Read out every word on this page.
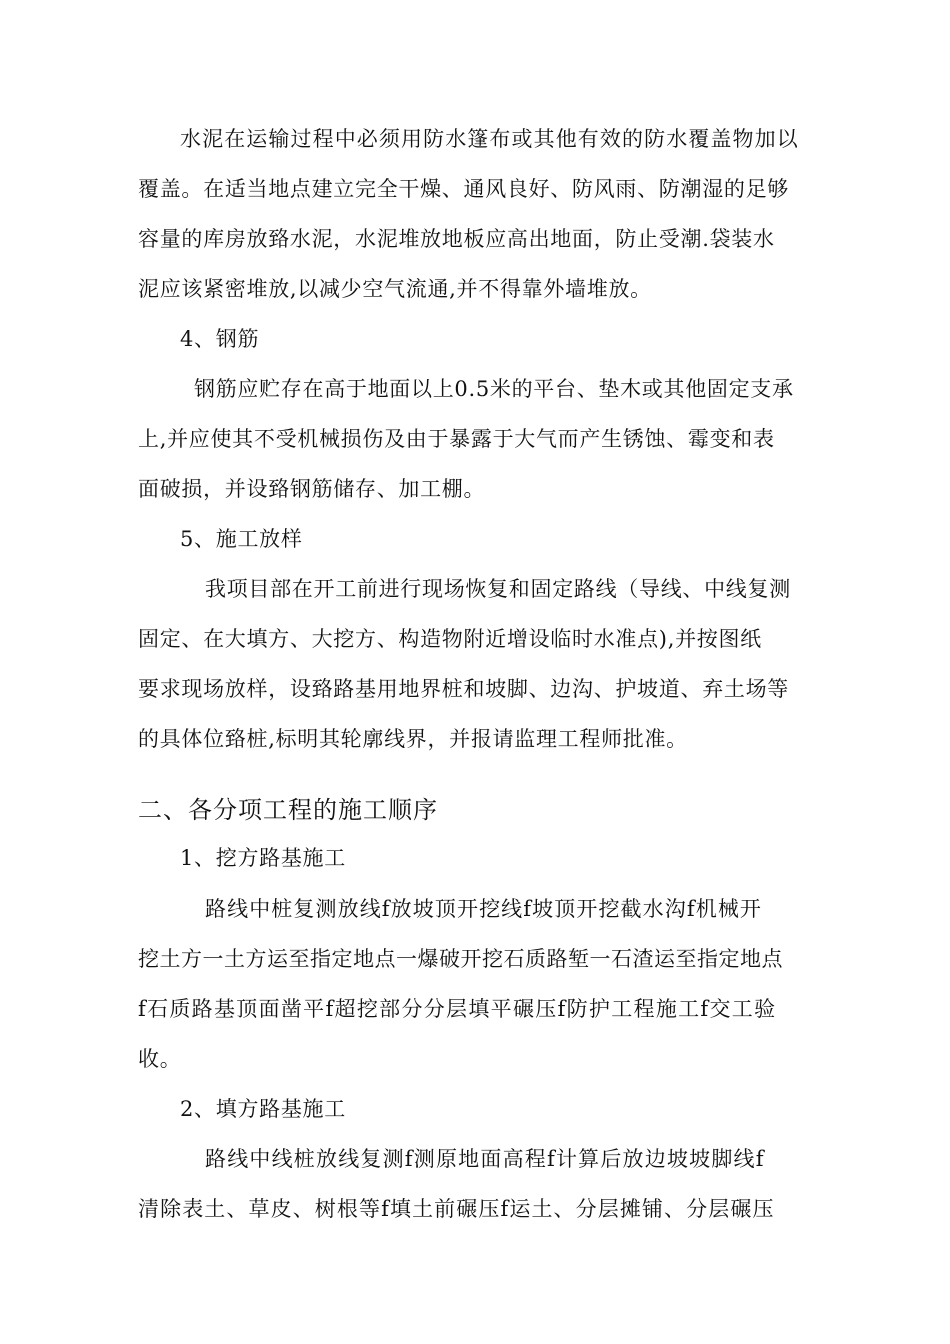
水泥在运输过程中必须用防水篷布或其他有效的防水覆盖物加以
覆盖。在适当地点建立完全干燥、通风良好、防风雨、防潮湿的足够
容量的库房放臵水泥，水泥堆放地板应高出地面，防止受潮.袋装水
泥应该紧密堆放,以减少空气流通,并不得靠外墙堆放。
4、钢筋
钢筋应贮存在高于地面以上0.5米的平台、垫木或其他固定支承
上,并应使其不受机械损伤及由于暴露于大气而产生锈蚀、霉变和表
面破损，并设臵钢筋储存、加工棚。
5、施工放样
我项目部在开工前进行现场恢复和固定路线（导线、中线复测
固定、在大填方、大挖方、构造物附近增设临时水准点),并按图纸
要求现场放样，设臵路基用地界桩和坡脚、边沟、护坡道、弃土场等
的具体位臵桩,标明其轮廓线界，并报请监理工程师批准。
二、各分项工程的施工顺序
1、挖方路基施工
路线中桩复测放线f放坡顶开挖线f坡顶开挖截水沟f机械开
挖土方一土方运至指定地点一爆破开挖石质路堑一石渣运至指定地点
f石质路基顶面凿平f超挖部分分层填平碾压f防护工程施工f交工验
收。
2、填方路基施工
路线中线桩放线复测f测原地面高程f计算后放边坡坡脚线f
清除表土、草皮、树根等f填土前碾压f运土、分层摊铺、分层碾压
